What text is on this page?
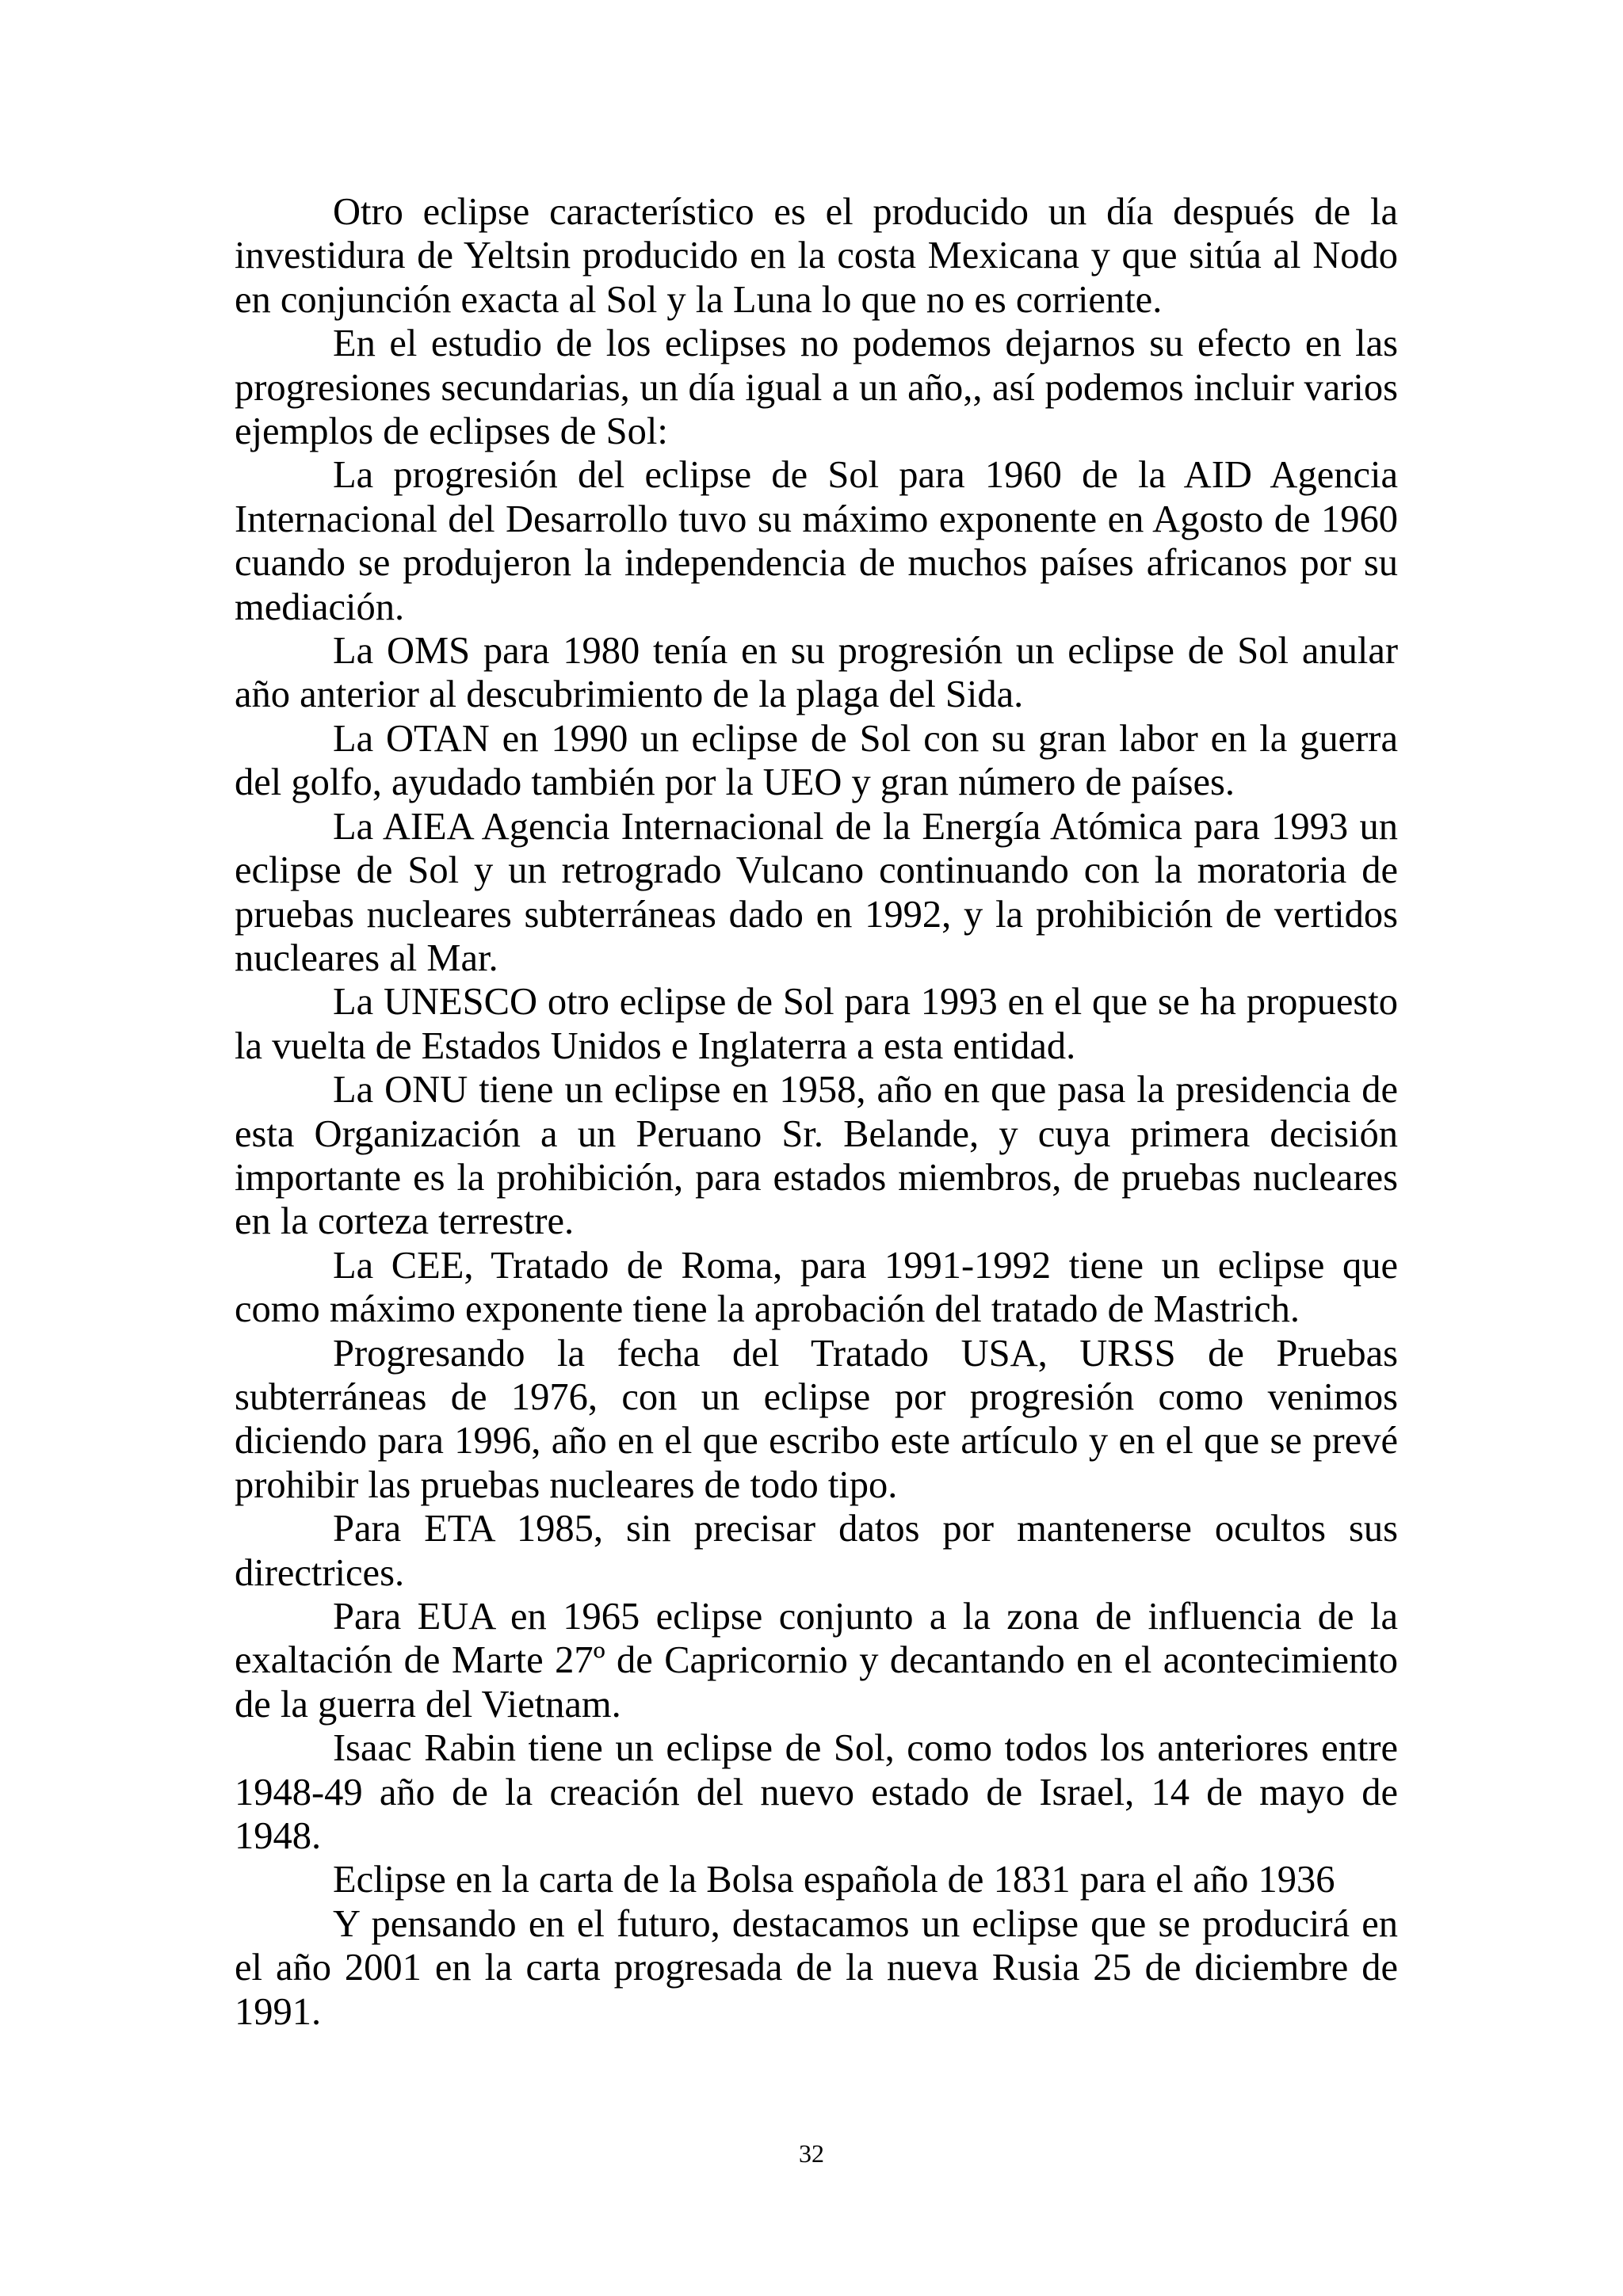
Otro eclipse característico es el producido un día después de la investidura de Yeltsin producido en la costa Mexicana y que sitúa al Nodo en conjunción exacta al Sol y la Luna lo que no es corriente.

En el estudio de los eclipses no podemos dejarnos su efecto en las progresiones secundarias, un día igual a un año,, así podemos incluir varios ejemplos de eclipses de Sol:

La progresión del eclipse de Sol para 1960 de la AID Agencia Internacional del Desarrollo tuvo su máximo exponente en Agosto de 1960 cuando se produjeron la independencia de muchos países africanos por su mediación.

La OMS para 1980 tenía en su progresión un eclipse de Sol anular año anterior al descubrimiento de la plaga del Sida.

La OTAN en 1990 un eclipse de Sol con su gran labor en la guerra del golfo, ayudado también por la UEO y gran número de países.

La AIEA Agencia Internacional de la Energía Atómica para 1993 un eclipse de Sol y un retrogrado Vulcano continuando con la moratoria de pruebas nucleares subterráneas dado en 1992, y la prohibición de vertidos nucleares al Mar.

La UNESCO otro eclipse de Sol para 1993 en el que se ha propuesto la vuelta de Estados Unidos e Inglaterra a esta entidad.

La ONU tiene un eclipse en 1958, año en que pasa la presidencia de esta Organización a un Peruano Sr. Belande, y cuya primera decisión importante es la prohibición, para estados miembros, de pruebas nucleares en la corteza terrestre.

La CEE, Tratado de Roma, para 1991-1992 tiene un eclipse que como máximo exponente tiene la aprobación del tratado de Mastrich.

Progresando la fecha del Tratado USA, URSS de Pruebas subterráneas de 1976, con un eclipse por progresión como venimos diciendo para 1996, año en el que escribo este artículo y en el que se prevé prohibir las pruebas nucleares de todo tipo.

Para ETA 1985, sin precisar datos por mantenerse ocultos sus directrices.

Para EUA en 1965 eclipse conjunto a la zona de influencia de la exaltación de Marte 27º de Capricornio y decantando en el acontecimiento de la guerra del Vietnam.

Isaac Rabin tiene un eclipse de Sol, como todos los anteriores entre 1948-49 año de la creación del nuevo estado de Israel, 14 de mayo de 1948.

Eclipse en la carta de la Bolsa española de 1831 para el año 1936

Y pensando en el futuro, destacamos un eclipse que se producirá en el año 2001 en la carta progresada de la nueva Rusia 25 de diciembre de 1991.

32
